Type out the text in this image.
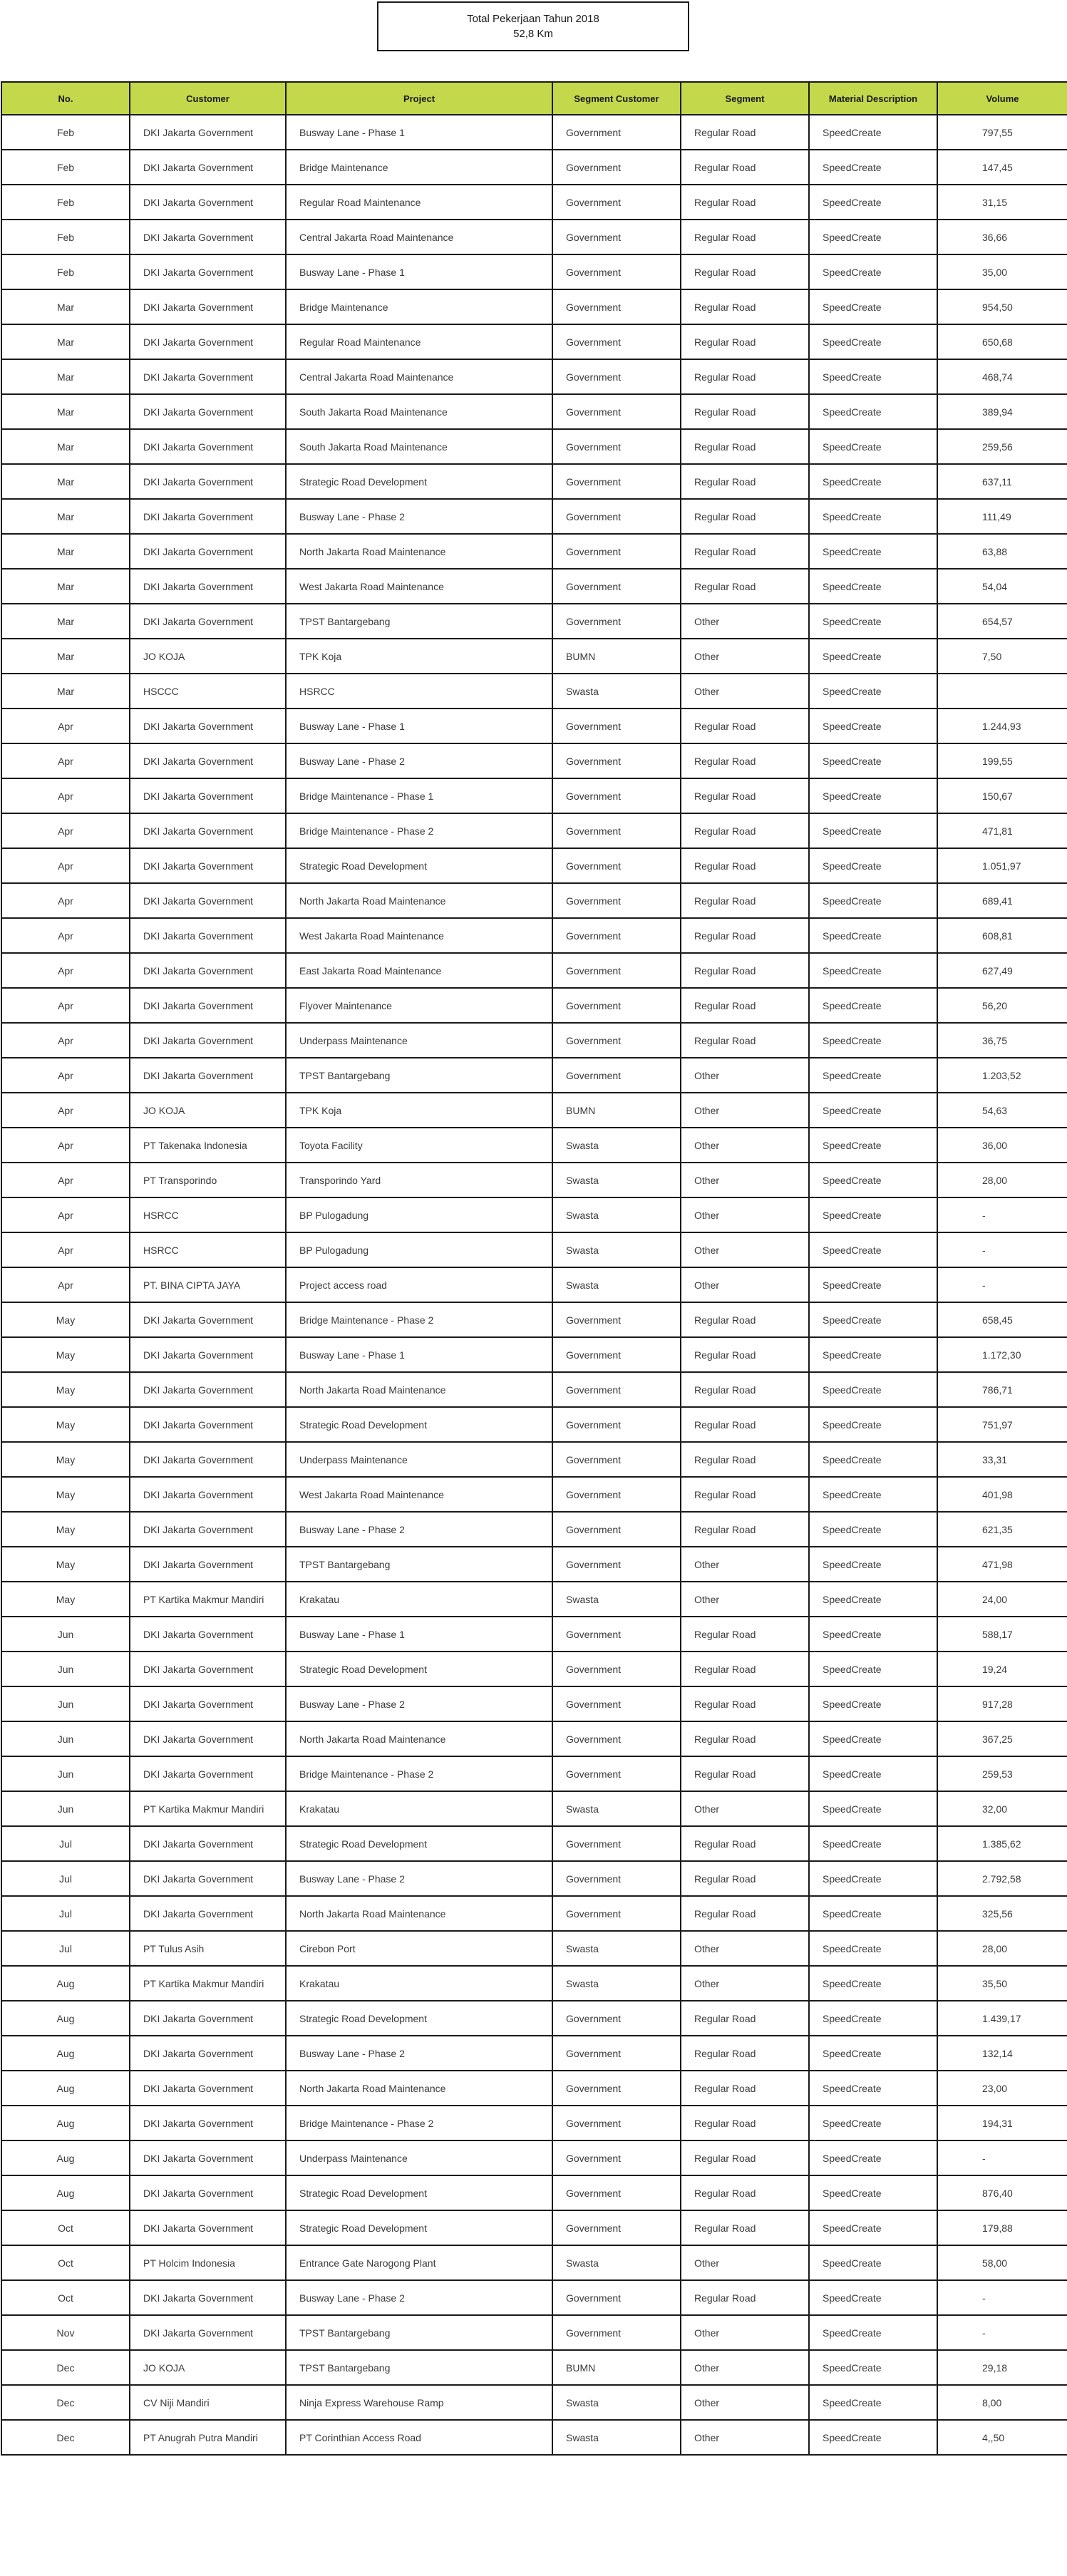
Total Pekerjaan Tahun 2018
52,8 Km
No.	Customer	Project	Segment Customer	Segment	Material Description	Volume
Feb	DKI Jakarta Government	Busway Lane - Phase 1	Government	Regular Road	SpeedCreate	797,55
Feb	DKI Jakarta Government	Bridge Maintenance	Government	Regular Road	SpeedCreate	147,45
Feb	DKI Jakarta Government	Regular Road Maintenance	Government	Regular Road	SpeedCreate	31,15
Feb	DKI Jakarta Government	Central Jakarta Road Maintenance	Government	Regular Road	SpeedCreate	36,66
Feb	DKI Jakarta Government	Busway Lane - Phase 1	Government	Regular Road	SpeedCreate	35,00
Mar	DKI Jakarta Government	Bridge Maintenance	Government	Regular Road	SpeedCreate	954,50
Mar	DKI Jakarta Government	Regular Road Maintenance	Government	Regular Road	SpeedCreate	650,68
Mar	DKI Jakarta Government	Central Jakarta Road Maintenance	Government	Regular Road	SpeedCreate	468,74
Mar	DKI Jakarta Government	South Jakarta Road Maintenance	Government	Regular Road	SpeedCreate	389,94
Mar	DKI Jakarta Government	South Jakarta Road Maintenance	Government	Regular Road	SpeedCreate	259,56
Mar	DKI Jakarta Government	Strategic Road Development	Government	Regular Road	SpeedCreate	637,11
Mar	DKI Jakarta Government	Busway Lane - Phase 2	Government	Regular Road	SpeedCreate	111,49
Mar	DKI Jakarta Government	North Jakarta Road Maintenance	Government	Regular Road	SpeedCreate	63,88
Mar	DKI Jakarta Government	West Jakarta Road Maintenance	Government	Regular Road	SpeedCreate	54,04
Mar	DKI Jakarta Government	TPST Bantargebang	Government	Other	SpeedCreate	654,57
Mar	JO KOJA	TPK Koja	BUMN	Other	SpeedCreate	7,50
Mar	HSCCC	HSRCC	Swasta	Other	SpeedCreate	
Apr	DKI Jakarta Government	Busway Lane - Phase 1	Government	Regular Road	SpeedCreate	1.244,93
Apr	DKI Jakarta Government	Busway Lane - Phase 2	Government	Regular Road	SpeedCreate	199,55
Apr	DKI Jakarta Government	Bridge Maintenance - Phase 1	Government	Regular Road	SpeedCreate	150,67
Apr	DKI Jakarta Government	Bridge Maintenance - Phase 2	Government	Regular Road	SpeedCreate	471,81
Apr	DKI Jakarta Government	Strategic Road Development	Government	Regular Road	SpeedCreate	1.051,97
Apr	DKI Jakarta Government	North Jakarta Road Maintenance	Government	Regular Road	SpeedCreate	689,41
Apr	DKI Jakarta Government	West Jakarta Road Maintenance	Government	Regular Road	SpeedCreate	608,81
Apr	DKI Jakarta Government	East Jakarta Road Maintenance	Government	Regular Road	SpeedCreate	627,49
Apr	DKI Jakarta Government	Flyover Maintenance	Government	Regular Road	SpeedCreate	56,20
Apr	DKI Jakarta Government	Underpass Maintenance	Government	Regular Road	SpeedCreate	36,75
Apr	DKI Jakarta Government	TPST Bantargebang	Government	Other	SpeedCreate	1.203,52
Apr	JO KOJA	TPK Koja	BUMN	Other	SpeedCreate	54,63
Apr	PT Takenaka Indonesia	Toyota Facility	Swasta	Other	SpeedCreate	36,00
Apr	PT Transporindo	Transporindo Yard	Swasta	Other	SpeedCreate	28,00
Apr	HSRCC	BP Pulogadung	Swasta	Other	SpeedCreate	-
Apr	HSRCC	BP Pulogadung	Swasta	Other	SpeedCreate	-
Apr	PT. BINA CIPTA JAYA	Project access road	Swasta	Other	SpeedCreate	-
May	DKI Jakarta Government	Bridge Maintenance - Phase 2	Government	Regular Road	SpeedCreate	658,45
May	DKI Jakarta Government	Busway Lane - Phase 1	Government	Regular Road	SpeedCreate	1.172,30
May	DKI Jakarta Government	North Jakarta Road Maintenance	Government	Regular Road	SpeedCreate	786,71
May	DKI Jakarta Government	Strategic Road Development	Government	Regular Road	SpeedCreate	751,97
May	DKI Jakarta Government	Underpass Maintenance	Government	Regular Road	SpeedCreate	33,31
May	DKI Jakarta Government	West Jakarta Road Maintenance	Government	Regular Road	SpeedCreate	401,98
May	DKI Jakarta Government	Busway Lane - Phase 2	Government	Regular Road	SpeedCreate	621,35
May	DKI Jakarta Government	TPST Bantargebang	Government	Other	SpeedCreate	471,98
May	PT Kartika Makmur Mandiri	Krakatau	Swasta	Other	SpeedCreate	24,00
Jun	DKI Jakarta Government	Busway Lane - Phase 1	Government	Regular Road	SpeedCreate	588,17
Jun	DKI Jakarta Government	Strategic Road Development	Government	Regular Road	SpeedCreate	19,24
Jun	DKI Jakarta Government	Busway Lane - Phase 2	Government	Regular Road	SpeedCreate	917,28
Jun	DKI Jakarta Government	North Jakarta Road Maintenance	Government	Regular Road	SpeedCreate	367,25
Jun	DKI Jakarta Government	Bridge Maintenance - Phase 2	Government	Regular Road	SpeedCreate	259,53
Jun	PT Kartika Makmur Mandiri	Krakatau	Swasta	Other	SpeedCreate	32,00
Jul	DKI Jakarta Government	Strategic Road Development	Government	Regular Road	SpeedCreate	1.385,62
Jul	DKI Jakarta Government	Busway Lane - Phase 2	Government	Regular Road	SpeedCreate	2.792,58
Jul	DKI Jakarta Government	North Jakarta Road Maintenance	Government	Regular Road	SpeedCreate	325,56
Jul	PT Tulus Asih	Cirebon Port	Swasta	Other	SpeedCreate	28,00
Aug	PT Kartika Makmur Mandiri	Krakatau	Swasta	Other	SpeedCreate	35,50
Aug	DKI Jakarta Government	Strategic Road Development	Government	Regular Road	SpeedCreate	1.439,17
Aug	DKI Jakarta Government	Busway Lane - Phase 2	Government	Regular Road	SpeedCreate	132,14
Aug	DKI Jakarta Government	North Jakarta Road Maintenance	Government	Regular Road	SpeedCreate	23,00
Aug	DKI Jakarta Government	Bridge Maintenance - Phase 2	Government	Regular Road	SpeedCreate	194,31
Aug	DKI Jakarta Government	Underpass Maintenance	Government	Regular Road	SpeedCreate	-
Aug	DKI Jakarta Government	Strategic Road Development	Government	Regular Road	SpeedCreate	876,40
Oct	DKI Jakarta Government	Strategic Road Development	Government	Regular Road	SpeedCreate	179,88
Oct	PT Holcim Indonesia	Entrance Gate Narogong Plant	Swasta	Other	SpeedCreate	58,00
Oct	DKI Jakarta Government	Busway Lane - Phase 2	Government	Regular Road	SpeedCreate	-
Nov	DKI Jakarta Government	TPST Bantargebang	Government	Other	SpeedCreate	-
Dec	JO KOJA	TPST Bantargebang	BUMN	Other	SpeedCreate	29,18
Dec	CV Niji Mandiri	Ninja Express Warehouse Ramp	Swasta	Other	SpeedCreate	8,00
Dec	PT Anugrah Putra Mandiri	PT Corinthian Access Road	Swasta	Other	SpeedCreate	4,,50
